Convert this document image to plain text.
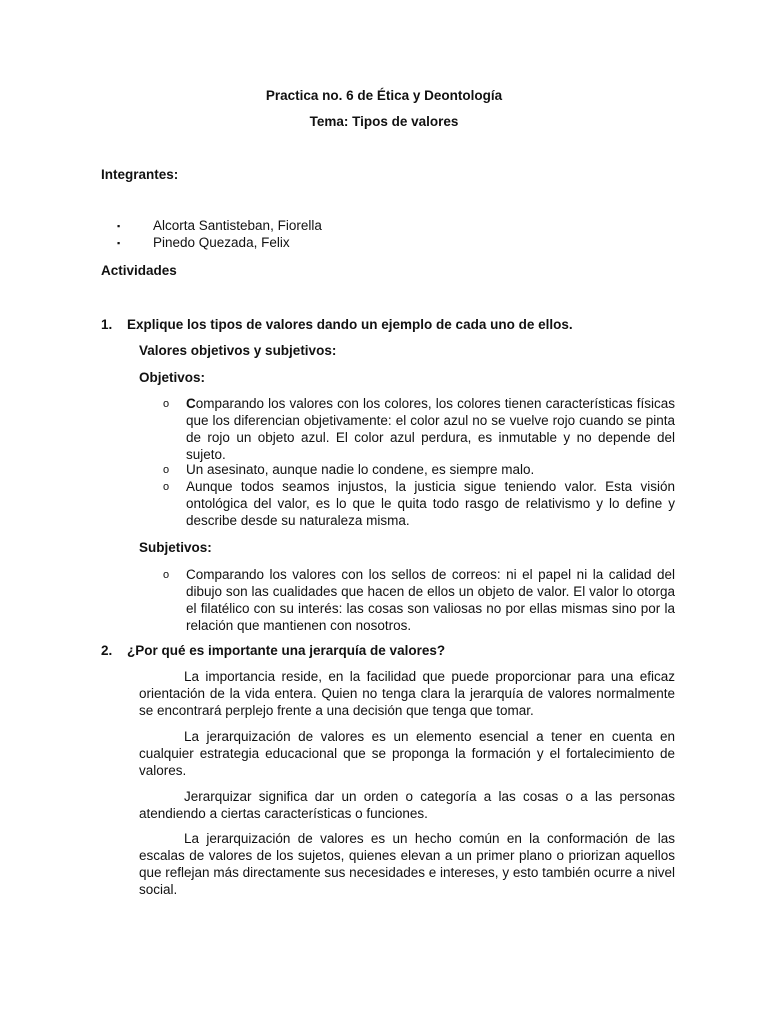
Practica no. 6 de Ética y Deontología
Tema: Tipos de valores
Integrantes:
▪ Alcorta Santisteban, Fiorella
▪ Pinedo Quezada, Felix
Actividades
1. Explique los tipos de valores dando un ejemplo de cada uno de ellos.
Valores objetivos y subjetivos:
Objetivos:
o Comparando los valores con los colores, los colores tienen características físicas que los diferencian objetivamente: el color azul no se vuelve rojo cuando se pinta de rojo un objeto azul. El color azul perdura, es inmutable y no depende del sujeto.
o Un asesinato, aunque nadie lo condene, es siempre malo.
o Aunque todos seamos injustos, la justicia sigue teniendo valor. Esta visión ontológica del valor, es lo que le quita todo rasgo de relativismo y lo define y describe desde su naturaleza misma.
Subjetivos:
o Comparando los valores con los sellos de correos: ni el papel ni la calidad del dibujo son las cualidades que hacen de ellos un objeto de valor. El valor lo otorga el filatélico con su interés: las cosas son valiosas no por ellas mismas sino por la relación que mantienen con nosotros.
2. ¿Por qué es importante una jerarquía de valores?
La importancia reside, en la facilidad que puede proporcionar para una eficaz orientación de la vida entera. Quien no tenga clara la jerarquía de valores normalmente se encontrará perplejo frente a una decisión que tenga que tomar.
La jerarquización de valores es un elemento esencial a tener en cuenta en cualquier estrategia educacional que se proponga la formación y el fortalecimiento de valores.
Jerarquizar significa dar un orden o categoría a las cosas o a las personas atendiendo a ciertas características o funciones.
La jerarquización de valores es un hecho común en la conformación de las escalas de valores de los sujetos, quienes elevan a un primer plano o priorizan aquellos que reflejan más directamente sus necesidades e intereses, y esto también ocurre a nivel social.
